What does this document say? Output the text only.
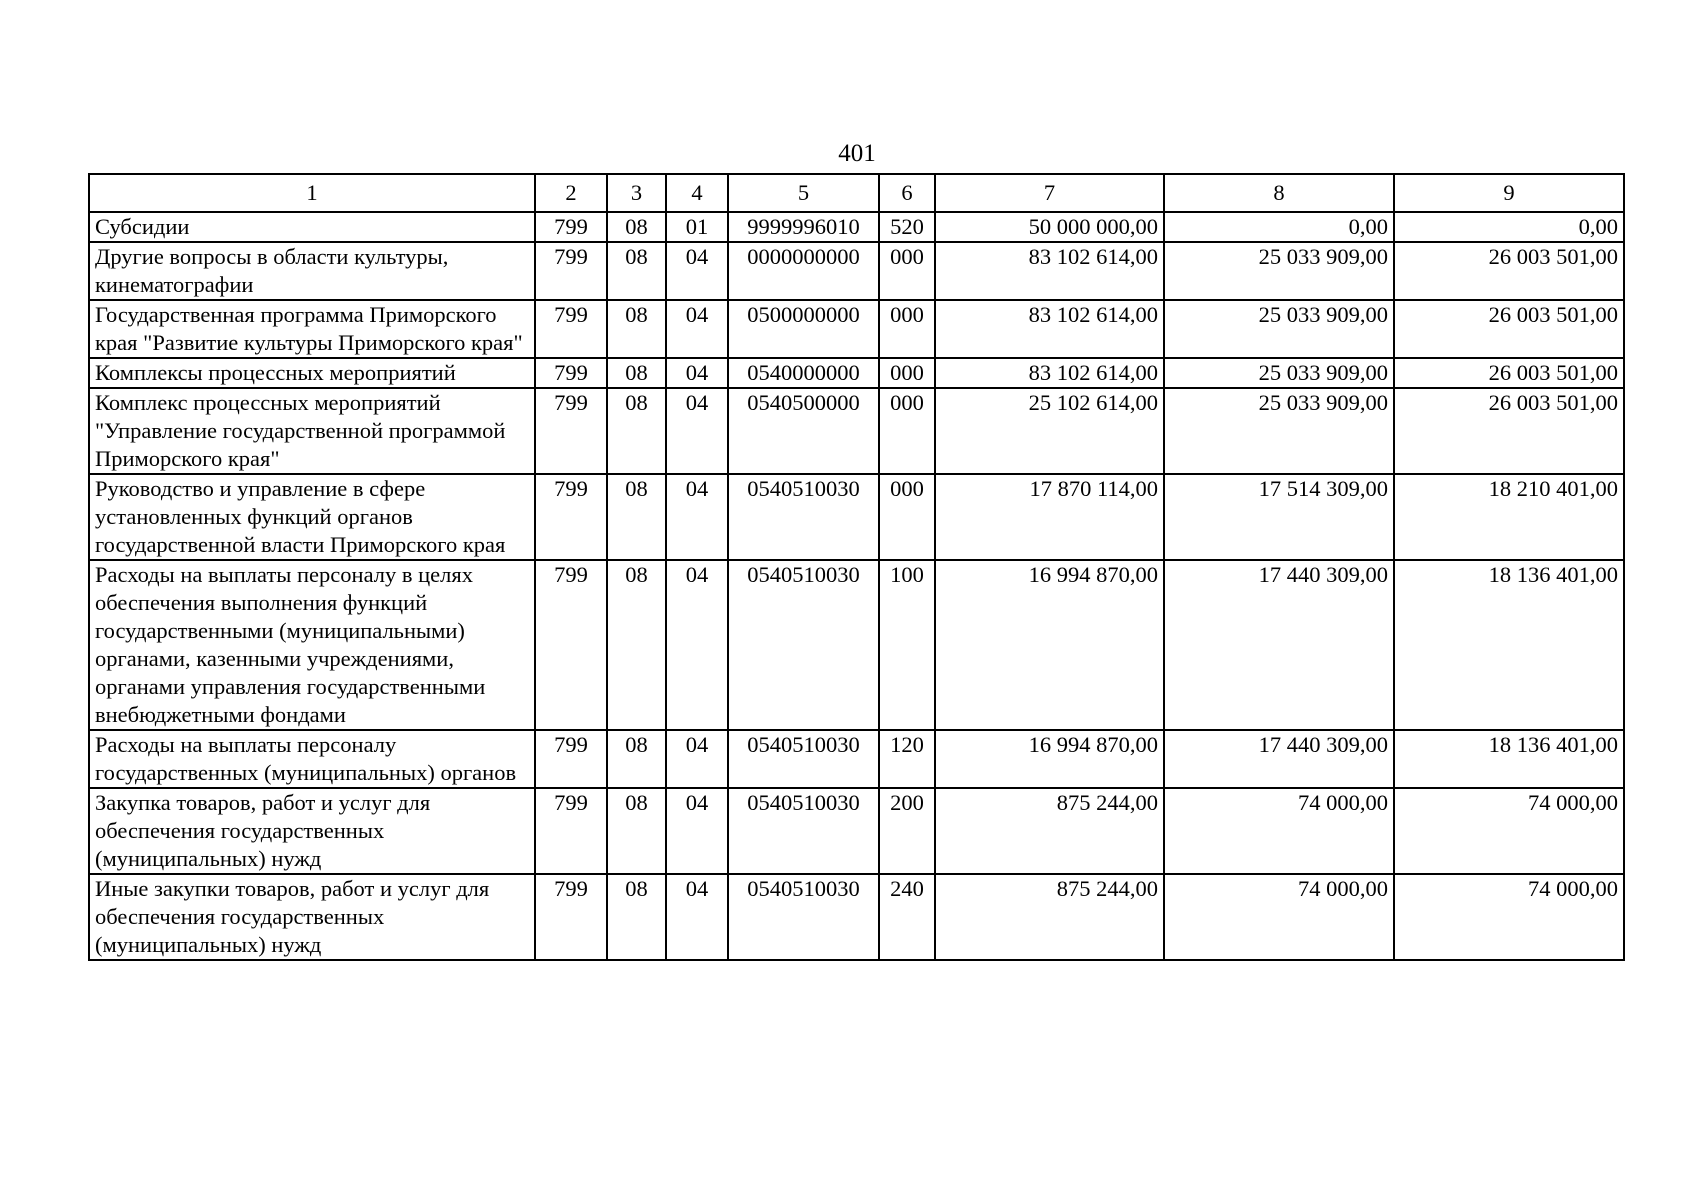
401
1	2	3	4	5	6	7	8	9
Субсидии	799	08	01	9999996010	520	50 000 000,00	0,00	0,00
Другие вопросы в области культуры, кинематографии	799	08	04	0000000000	000	83 102 614,00	25 033 909,00	26 003 501,00
Государственная программа Приморского края "Развитие культуры Приморского края"	799	08	04	0500000000	000	83 102 614,00	25 033 909,00	26 003 501,00
Комплексы процессных мероприятий	799	08	04	0540000000	000	83 102 614,00	25 033 909,00	26 003 501,00
Комплекс процессных мероприятий "Управление государственной программой Приморского края"	799	08	04	0540500000	000	25 102 614,00	25 033 909,00	26 003 501,00
Руководство и управление в сфере установленных функций органов государственной власти Приморского края	799	08	04	0540510030	000	17 870 114,00	17 514 309,00	18 210 401,00
Расходы на выплаты персоналу в целях обеспечения выполнения функций государственными (муниципальными) органами, казенными учреждениями, органами управления государственными внебюджетными фондами	799	08	04	0540510030	100	16 994 870,00	17 440 309,00	18 136 401,00
Расходы на выплаты персоналу государственных (муниципальных) органов	799	08	04	0540510030	120	16 994 870,00	17 440 309,00	18 136 401,00
Закупка товаров, работ и услуг для обеспечения государственных (муниципальных) нужд	799	08	04	0540510030	200	875 244,00	74 000,00	74 000,00
Иные закупки товаров, работ и услуг для обеспечения государственных (муниципальных) нужд	799	08	04	0540510030	240	875 244,00	74 000,00	74 000,00
